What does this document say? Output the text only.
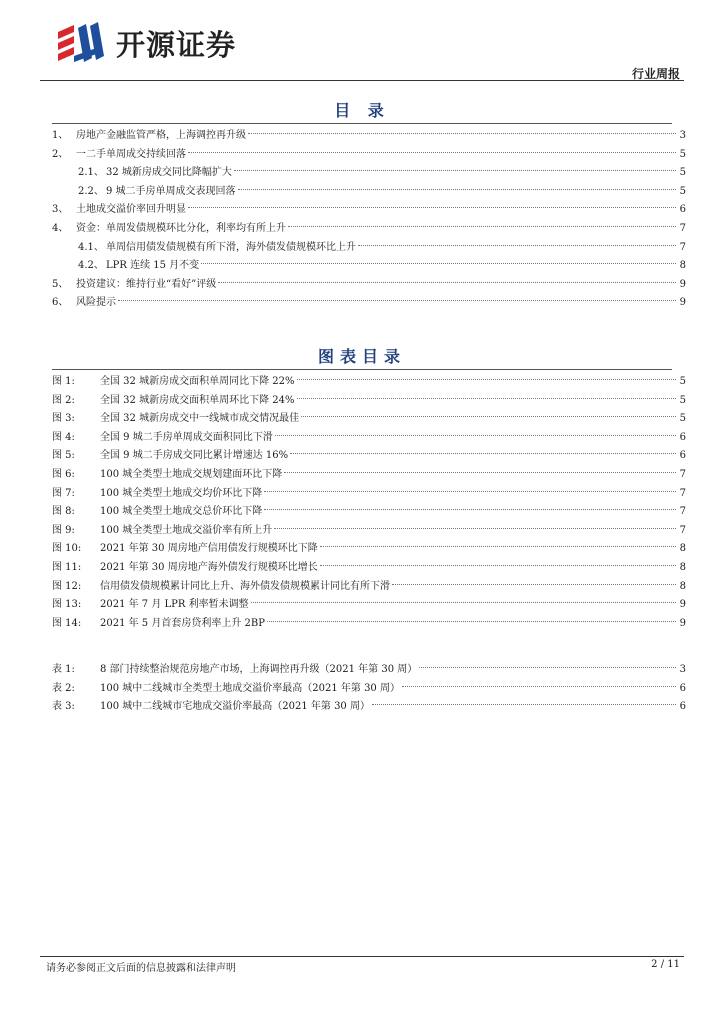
开源证券
行业周报
目 录
1、 房地产金融监管严格，上海调控再升级	3
2、 一二手单周成交持续回落	5
2.1、 32 城新房成交同比降幅扩大	5
2.2、 9 城二手房单周成交表现回落	5
3、 土地成交溢价率回升明显	6
4、 资金：单周发债规模环比分化，利率均有所上升	7
4.1、 单周信用债发债规模有所下滑，海外债发债规模环比上升	7
4.2、 LPR 连续 15 月不变	8
5、 投资建议：维持行业“看好”评级	9
6、 风险提示	9
图表目录
图 1:	全国 32 城新房成交面积单周同比下降 22%	5
图 2:	全国 32 城新房成交面积单周环比下降 24%	5
图 3:	全国 32 城新房成交中一线城市成交情况最佳	5
图 4:	全国 9 城二手房单周成交面积同比下滑	6
图 5:	全国 9 城二手房成交同比累计增速达 16%	6
图 6:	100 城全类型土地成交规划建面环比下降	7
图 7:	100 城全类型土地成交均价环比下降	7
图 8:	100 城全类型土地成交总价环比下降	7
图 9:	100 城全类型土地成交溢价率有所上升	7
图 10:	2021 年第 30 周房地产信用债发行规模环比下降	8
图 11:	2021 年第 30 周房地产海外债发行规模环比增长	8
图 12:	信用债发债规模累计同比上升、海外债发债规模累计同比有所下滑	8
图 13:	2021 年 7 月 LPR 利率暂未调整	9
图 14:	2021 年 5 月首套房贷利率上升 2BP	9
表 1:	8 部门持续整治规范房地产市场，上海调控再升级（2021 年第 30 周）	3
表 2:	100 城中二线城市全类型土地成交溢价率最高（2021 年第 30 周）	6
表 3:	100 城中二线城市宅地成交溢价率最高（2021 年第 30 周）	6
请务必参阅正文后面的信息披露和法律声明	2 / 11
